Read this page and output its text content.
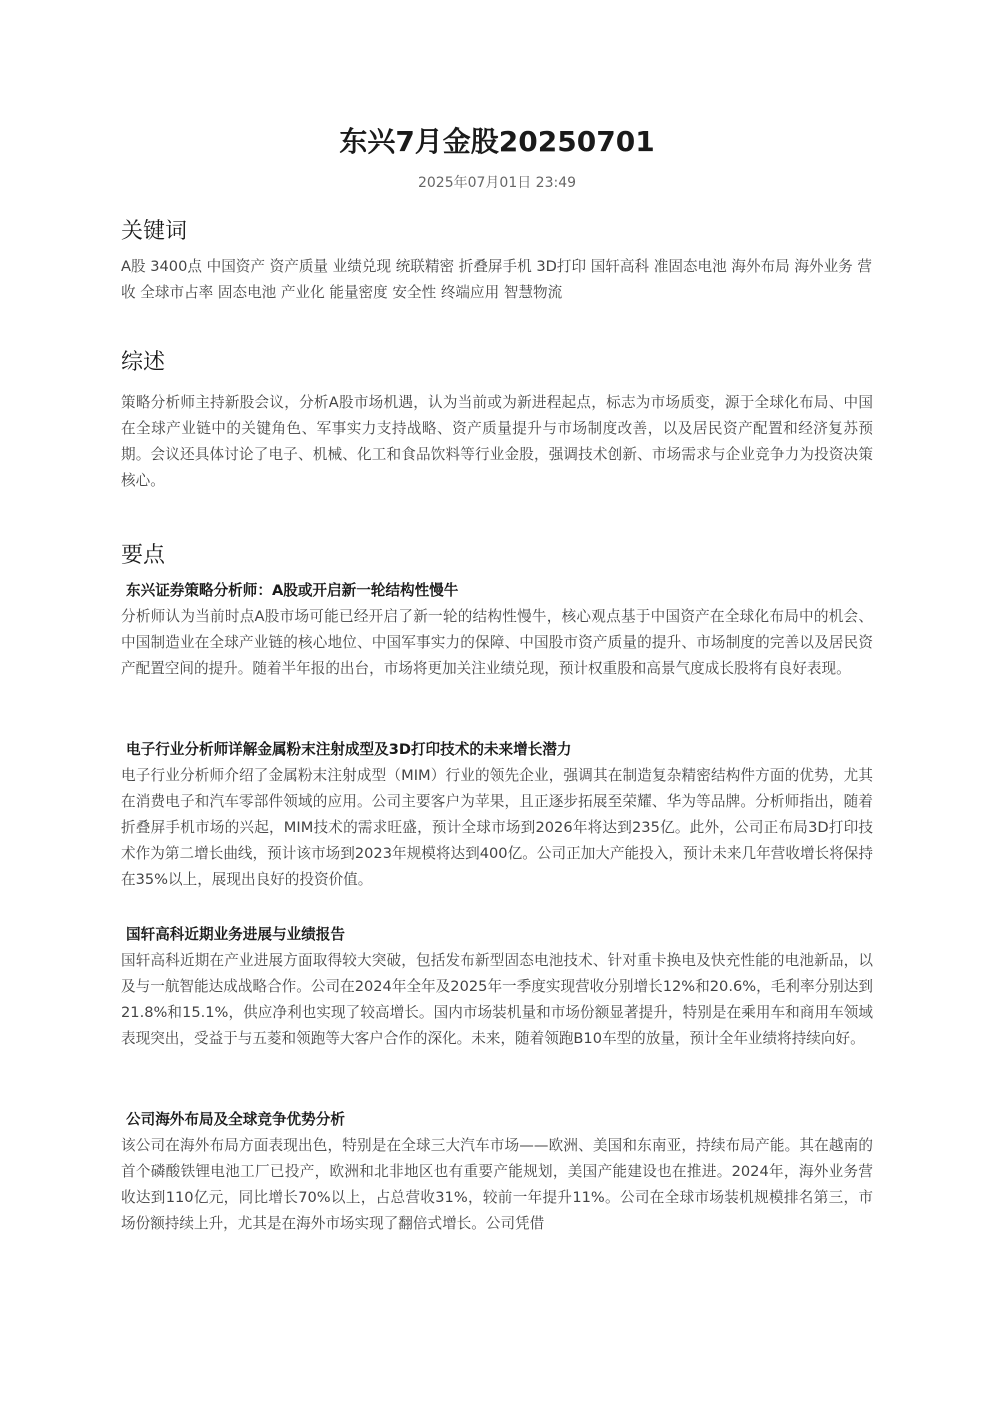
东兴7月金股20250701
2025年07月01日 23:49
关键词
A股 3400点 中国资产 资产质量 业绩兑现 统联精密 折叠屏手机 3D打印 国轩高科 准固态电池 海外布局 海外业务 营收 全球市占率 固态电池 产业化 能量密度 安全性 终端应用 智慧物流
综述

策略分析师主持新股会议，分析A股市场机遇，认为当前或为新进程起点，标志为市场质变，源于全球化布局、中国在全球产业链中的关键角色、军事实力支持战略、资产质量提升与市场制度改善，以及居民资产配置和经济复苏预期。会议还具体讨论了电子、机械、化工和食品饮料等行业金股，强调技术创新、市场需求与企业竞争力为投资决策核心。

要点
东兴证券策略分析师：A股或开启新一轮结构性慢牛

分析师认为当前时点A股市场可能已经开启了新一轮的结构性慢牛，核心观点基于中国资产在全球化布局中的机会、中国制造业在全球产业链的核心地位、中国军事实力的保障、中国股市资产质量的提升、市场制度的完善以及居民资产配置空间的提升。随着半年报的出台，市场将更加关注业绩兑现，预计权重股和高景气度成长股将有良好表现。

电子行业分析师详解金属粉末注射成型及3D打印技术的未来增长潜力

电子行业分析师介绍了金属粉末注射成型（MIM）行业的领先企业，强调其在制造复杂精密结构件方面的优势，尤其在消费电子和汽车零部件领域的应用。公司主要客户为苹果，且正逐步拓展至荣耀、华为等品牌。分析师指出，随着折叠屏手机市场的兴起，MIM技术的需求旺盛，预计全球市场到2026年将达到235亿。此外，公司正布局3D打印技术作为第二增长曲线，预计该市场到2023年规模将达到400亿。公司正加大产能投入，预计未来几年营收增长将保持在35%以上，展现出良好的投资价值。

国轩高科近期业务进展与业绩报告

国轩高科近期在产业进展方面取得较大突破，包括发布新型固态电池技术、针对重卡换电及快充性能的电池新品，以及与一航智能达成战略合作。公司在2024年全年及2025年一季度实现营收分别增长12%和20.6%，毛利率分别达到21.8%和15.1%，供应净利也实现了较高增长。国内市场装机量和市场份额显著提升，特别是在乘用车和商用车领域表现突出，受益于与五菱和领跑等大客户合作的深化。未来，随着领跑B10车型的放量，预计全年业绩将持续向好。

公司海外布局及全球竞争优势分析

该公司在海外布局方面表现出色，特别是在全球三大汽车市场——欧洲、美国和东南亚，持续布局产能。其在越南的首个磷酸铁锂电池工厂已投产，欧洲和北非地区也有重要产能规划，美国产能建设也在推进。2024年，海外业务营收达到110亿元，同比增长70%以上，占总营收31%，较前一年提升11%。公司在全球市场装机规模排名第三，市场份额持续上升，尤其是在海外市场实现了翻倍式增长。公司凭借
